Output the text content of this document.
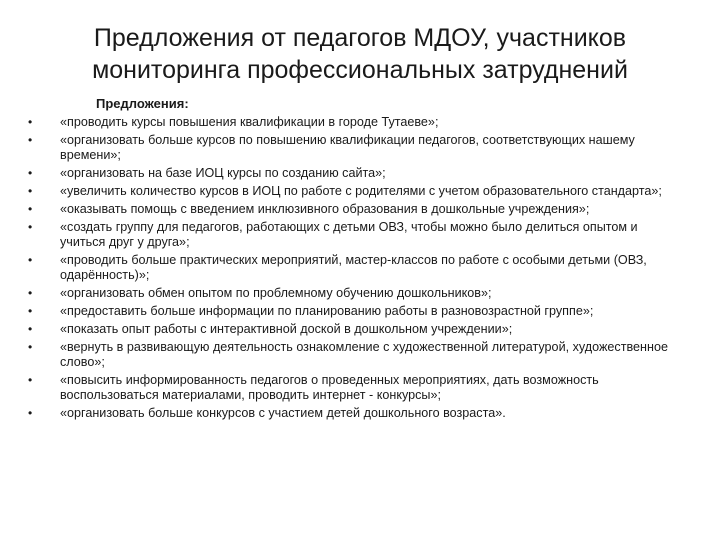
Предложения от педагогов МДОУ, участников
мониторинга профессиональных затруднений

Предложения:

•	«проводить курсы повышения квалификации в городе Тутаеве»;
•	«организовать больше курсов по повышению квалификации педагогов, соответствующих нашему времени»;
•	«организовать на базе ИОЦ курсы по созданию сайта»;
•	«увеличить количество курсов в ИОЦ по работе с родителями с учетом образовательного стандарта»;
•	«оказывать помощь с введением инклюзивного образования в дошкольные учреждения»;
•	«создать группу для педагогов, работающих с детьми ОВЗ, чтобы можно было делиться опытом и учиться друг у друга»;
•	«проводить больше практических мероприятий, мастер-классов по работе с особыми детьми (ОВЗ, одарённость)»;
•	«организовать обмен опытом по проблемному обучению дошкольников»;
•	«предоставить больше информации по планированию работы в разновозрастной группе»;
•	«показать опыт работы с интерактивной доской в дошкольном учреждении»;
•	«вернуть в развивающую деятельность ознакомление с художественной литературой, художественное слово»;
•	«повысить информированность педагогов о проведенных мероприятиях, дать возможность воспользоваться материалами, проводить интернет - конкурсы»;
•	«организовать больше конкурсов с участием детей дошкольного возраста».
